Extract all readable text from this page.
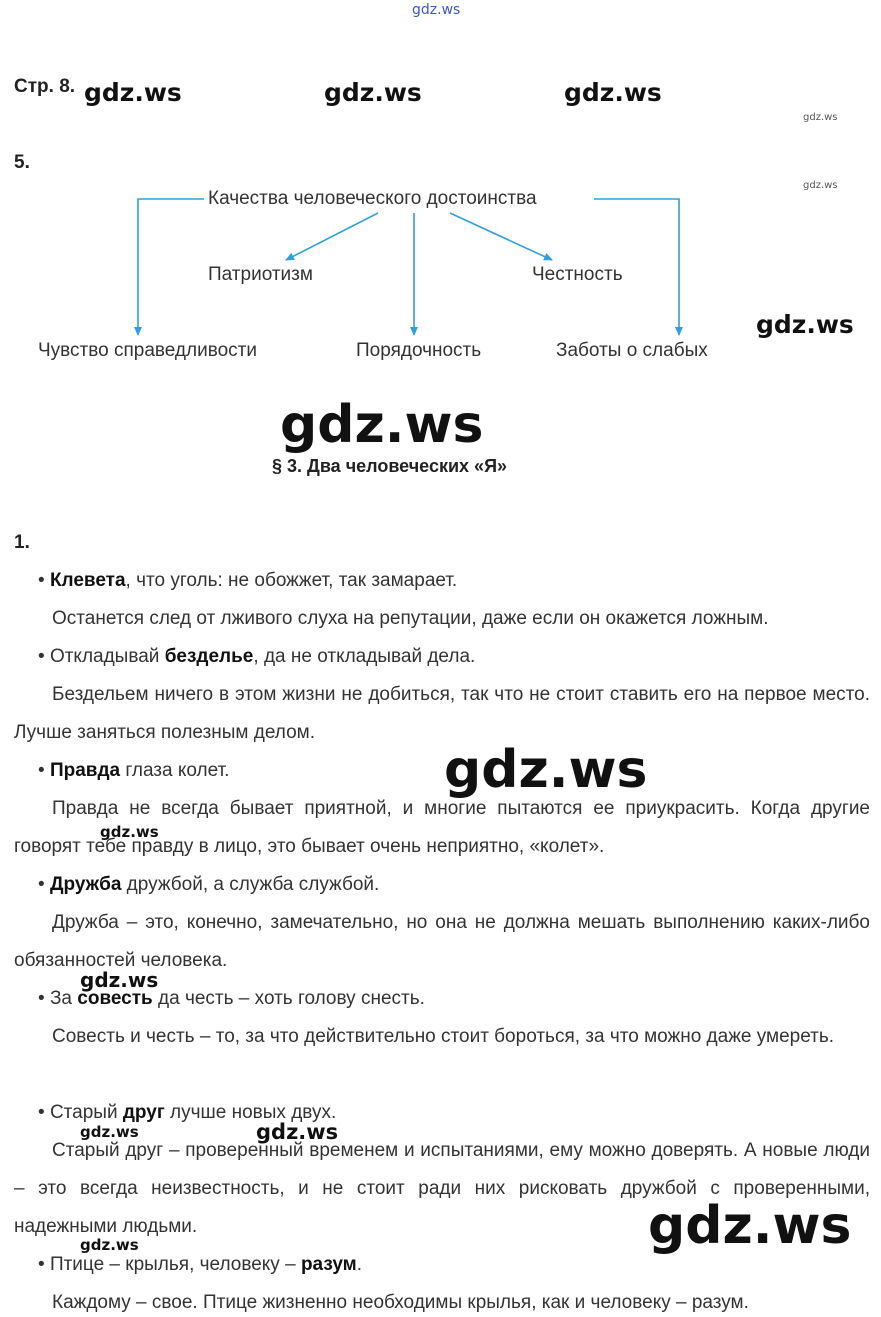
gdz.ws
gdz.ws
gdz.ws
gdz.ws
gdz.ws
Стр. 8. gdz.ws	gdz.ws	gdz.ws
5.
Качества человеческого достоинства
Патриотизм	Честность
Чувство справедливости	Порядочность	Заботы о слабых
§ 3. Два человеческих «Я»
1.
• Клевета, что уголь: не обожжет, так замарает.
Останется след от лживого слуха на репутации, даже если он окажется ложным.
• Откладывай безделье, да не откладывай дела.
Бездельем ничего в этом жизни не добиться, так что не стоит ставить его на первое место. Лучше заняться полезным делом.
• Правда глаза колет.
Правда не всегда бывает приятной, и многие пытаются ее приукрасить. Когда другие говорят тебе правду в лицо, это бывает очень неприятно, «колет».
• Дружба дружбой, а служба службой.
Дружба – это, конечно, замечательно, но она не должна мешать выполнению каких-либо обязанностей человека.
• За совесть да честь – хоть голову снесть.
Совесть и честь – то, за что действительно стоит бороться, за что можно даже умереть.
• Старый друг лучше новых двух.
Старый друг – проверенный временем и испытаниями, ему можно доверять. А новые люди – это всегда неизвестность, и не стоит ради них рисковать дружбой с проверенными, надежными людьми.
• Птице – крылья, человеку – разум.
Каждому – свое. Птице жизненно необходимы крылья, как и человеку – разум.
gdz.ws
gdz.ws
gdz.ws
gdz.ws	gdz.ws
gdz.ws	gdz.ws
